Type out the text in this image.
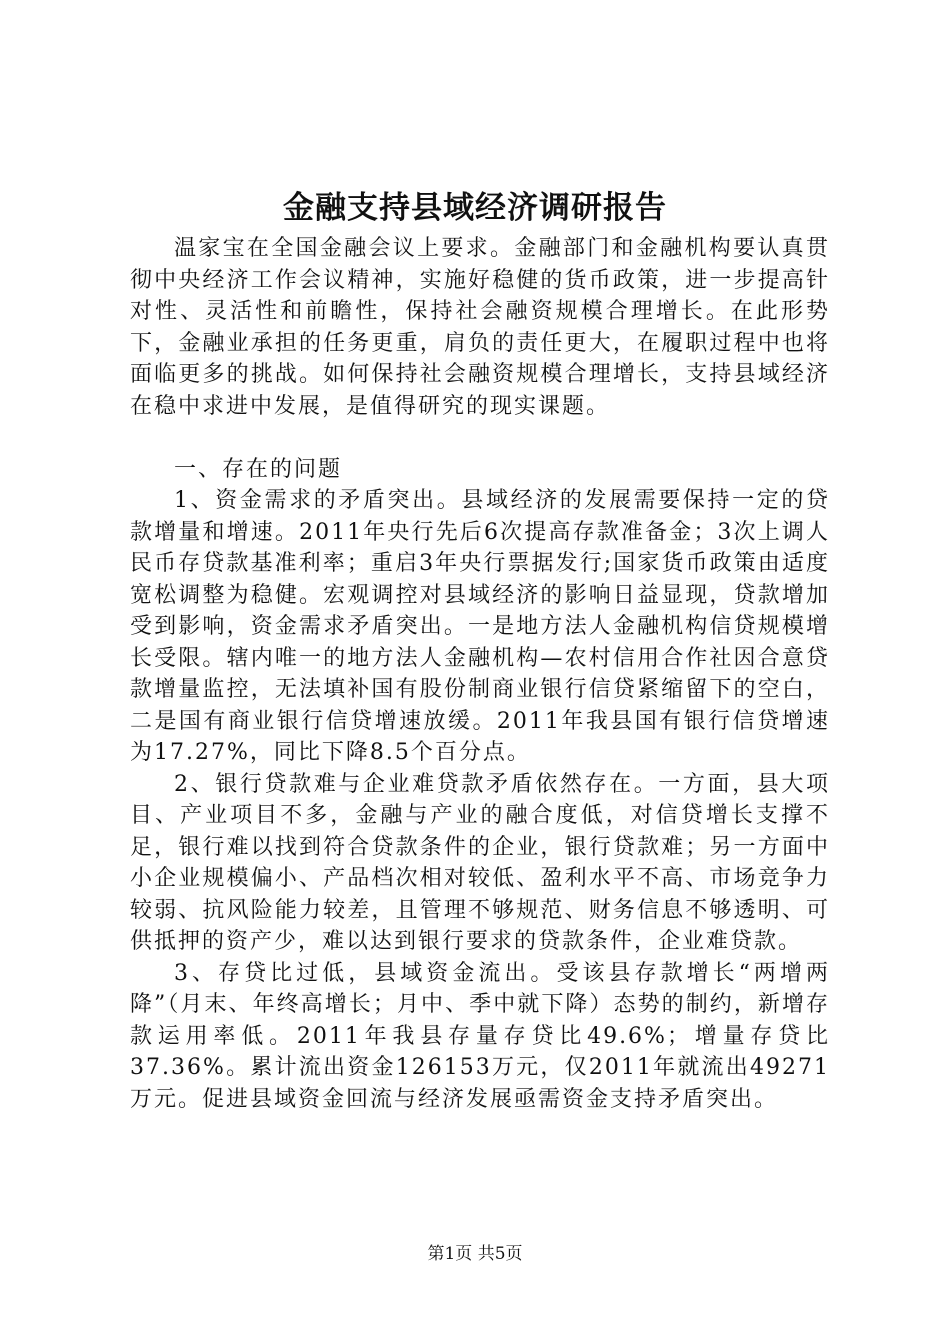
金融支持县域经济调研报告

温家宝在全国金融会议上要求。金融部门和金融机构要认真贯彻中央经济工作会议精神，实施好稳健的货币政策，进一步提高针对性、灵活性和前瞻性，保持社会融资规模合理增长。在此形势下，金融业承担的任务更重，肩负的责任更大，在履职过程中也将面临更多的挑战。如何保持社会融资规模合理增长，支持县域经济在稳中求进中发展，是值得研究的现实课题。

一、存在的问题

1、资金需求的矛盾突出。县域经济的发展需要保持一定的贷款增量和增速。2011年央行先后6次提高存款准备金；3次上调人民币存贷款基准利率；重启3年央行票据发行;国家货币政策由适度宽松调整为稳健。宏观调控对县域经济的影响日益显现，贷款增加受到影响，资金需求矛盾突出。一是地方法人金融机构信贷规模增长受限。辖内唯一的地方法人金融机构—农村信用合作社因合意贷款增量监控，无法填补国有股份制商业银行信贷紧缩留下的空白，二是国有商业银行信贷增速放缓。2011年我县国有银行信贷增速为17.27%，同比下降8.5个百分点。

2、银行贷款难与企业难贷款矛盾依然存在。一方面，县大项目、产业项目不多，金融与产业的融合度低，对信贷增长支撑不足，银行难以找到符合贷款条件的企业，银行贷款难；另一方面中小企业规模偏小、产品档次相对较低、盈利水平不高、市场竞争力较弱、抗风险能力较差，且管理不够规范、财务信息不够透明、可供抵押的资产少，难以达到银行要求的贷款条件，企业难贷款。

3、存贷比过低，县域资金流出。受该县存款增长“两增两降”（月末、年终高增长；月中、季中就下降）态势的制约，新增存款运用率低。2011年我县存量存贷比49.6%；增量存贷比37.36%。累计流出资金126153万元，仅2011年就流出49271万元。促进县域资金回流与经济发展亟需资金支持矛盾突出。

第1页 共5页
